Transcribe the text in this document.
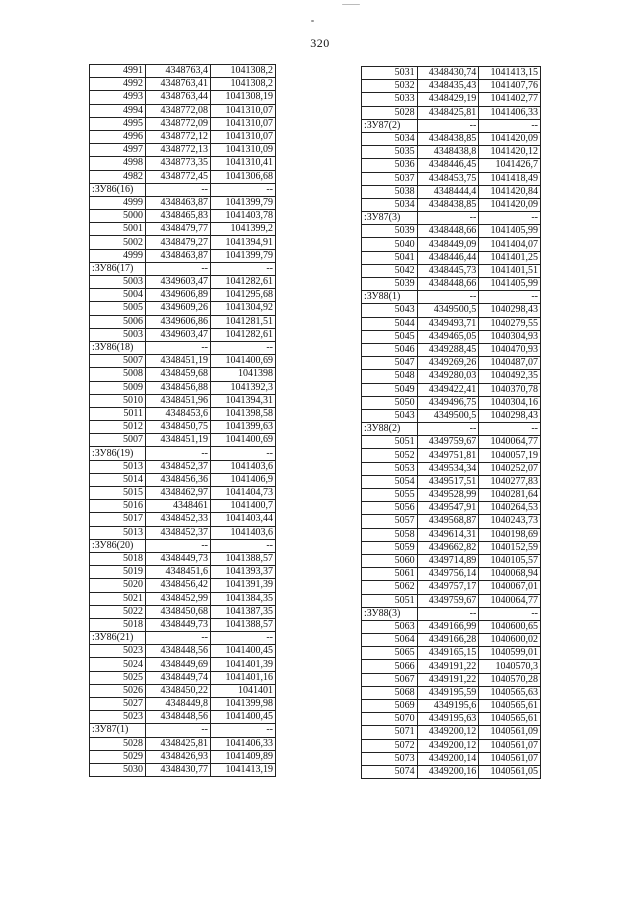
320
4991	4348763,4	1041308,2
4992	4348763,41	1041308,2
4993	4348763,44	1041308,19
4994	4348772,08	1041310,07
4995	4348772,09	1041310,07
4996	4348772,12	1041310,07
4997	4348772,13	1041310,09
4998	4348773,35	1041310,41
4982	4348772,45	1041306,68
:ЗУ86(16)	--	--
4999	4348463,87	1041399,79
5000	4348465,83	1041403,78
5001	4348479,77	1041399,2
5002	4348479,27	1041394,91
4999	4348463,87	1041399,79
:ЗУ86(17)	--	--
5003	4349603,47	1041282,61
5004	4349606,89	1041295,68
5005	4349609,26	1041304,92
5006	4349606,86	1041281,51
5003	4349603,47	1041282,61
:ЗУ86(18)	--	--
5007	4348451,19	1041400,69
5008	4348459,68	1041398
5009	4348456,88	1041392,3
5010	4348451,96	1041394,31
5011	4348453,6	1041398,58
5012	4348450,75	1041399,63
5007	4348451,19	1041400,69
:ЗУ86(19)	--	--
5013	4348452,37	1041403,6
5014	4348456,36	1041406,9
5015	4348462,97	1041404,73
5016	4348461	1041400,7
5017	4348452,33	1041403,44
5013	4348452,37	1041403,6
:ЗУ86(20)	--	--
5018	4348449,73	1041388,57
5019	4348451,6	1041393,37
5020	4348456,42	1041391,39
5021	4348452,99	1041384,35
5022	4348450,68	1041387,35
5018	4348449,73	1041388,57
:ЗУ86(21)	--	--
5023	4348448,56	1041400,45
5024	4348449,69	1041401,39
5025	4348449,74	1041401,16
5026	4348450,22	1041401
5027	4348449,8	1041399,98
5023	4348448,56	1041400,45
:ЗУ87(1)	--	--
5028	4348425,81	1041406,33
5029	4348426,93	1041409,89
5030	4348430,77	1041413,19
5031	4348430,74	1041413,15
5032	4348435,43	1041407,76
5033	4348429,19	1041402,77
5028	4348425,81	1041406,33
:ЗУ87(2)	--	--
5034	4348438,85	1041420,09
5035	4348438,8	1041420,12
5036	4348446,45	1041426,7
5037	4348453,75	1041418,49
5038	4348444,4	1041420,84
5034	4348438,85	1041420,09
:ЗУ87(3)	--	--
5039	4348448,66	1041405,99
5040	4348449,09	1041404,07
5041	4348446,44	1041401,25
5042	4348445,73	1041401,51
5039	4348448,66	1041405,99
:ЗУ88(1)	--	--
5043	4349500,5	1040298,43
5044	4349493,71	1040279,55
5045	4349465,05	1040304,93
5046	4349288,45	1040470,93
5047	4349269,26	1040487,07
5048	4349280,03	1040492,35
5049	4349422,41	1040370,78
5050	4349496,75	1040304,16
5043	4349500,5	1040298,43
:ЗУ88(2)	--	--
5051	4349759,67	1040064,77
5052	4349751,81	1040057,19
5053	4349534,34	1040252,07
5054	4349517,51	1040277,83
5055	4349528,99	1040281,64
5056	4349547,91	1040264,53
5057	4349568,87	1040243,73
5058	4349614,31	1040198,69
5059	4349662,82	1040152,59
5060	4349714,89	1040105,57
5061	4349756,14	1040068,94
5062	4349757,17	1040067,01
5051	4349759,67	1040064,77
:ЗУ88(3)	--	--
5063	4349166,99	1040600,65
5064	4349166,28	1040600,02
5065	4349165,15	1040599,01
5066	4349191,22	1040570,3
5067	4349191,22	1040570,28
5068	4349195,59	1040565,63
5069	4349195,6	1040565,61
5070	4349195,63	1040565,61
5071	4349200,12	1040561,09
5072	4349200,12	1040561,07
5073	4349200,14	1040561,07
5074	4349200,16	1040561,05
